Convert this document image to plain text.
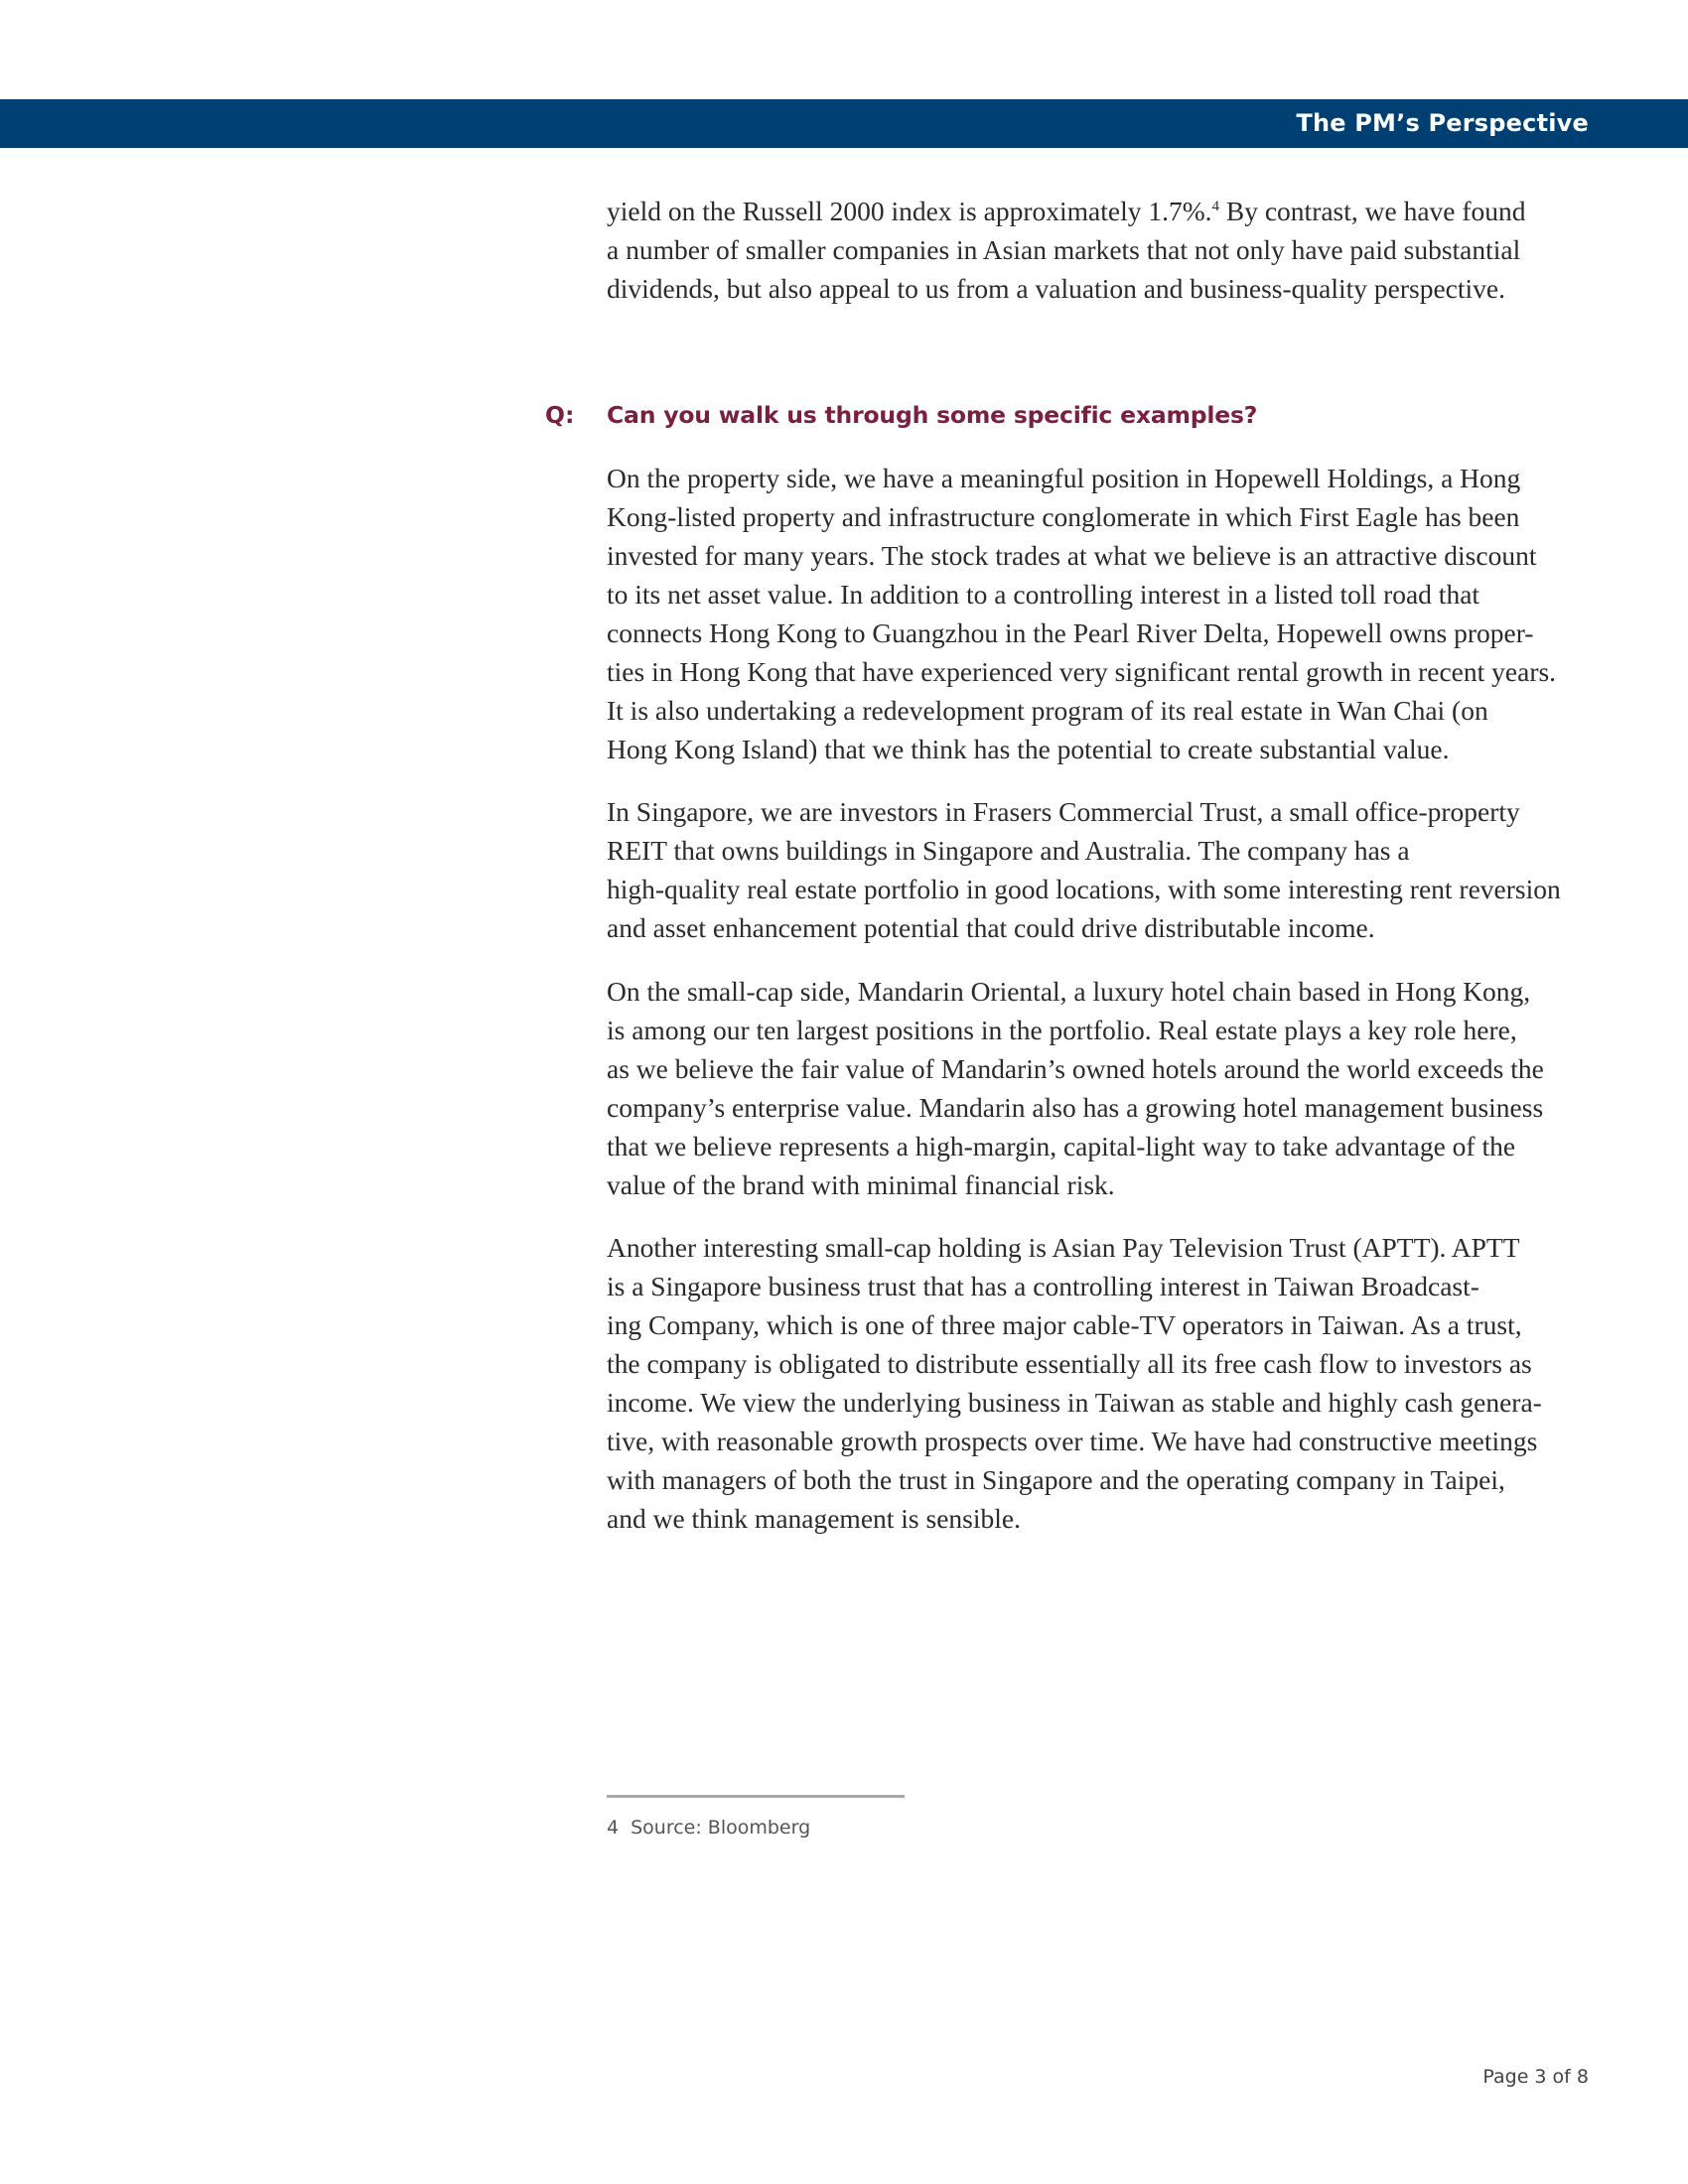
The PM’s Perspective
yield on the Russell 2000 index is approximately 1.7%.$^4$ By contrast, we have found
a number of smaller companies in Asian markets that not only have paid substantial
dividends, but also appeal to us from a valuation and business-quality perspective.
Q: Can you walk us through some specific examples?
On the property side, we have a meaningful position in Hopewell Holdings, a Hong
Kong-listed property and infrastructure conglomerate in which First Eagle has been
invested for many years. The stock trades at what we believe is an attractive discount
to its net asset value. In addition to a controlling interest in a listed toll road that
connects Hong Kong to Guangzhou in the Pearl River Delta, Hopewell owns proper-
ties in Hong Kong that have experienced very significant rental growth in recent years.
It is also undertaking a redevelopment program of its real estate in Wan Chai (on
Hong Kong Island) that we think has the potential to create substantial value.
In Singapore, we are investors in Frasers Commercial Trust, a small office-property
REIT that owns buildings in Singapore and Australia. The company has a
high-quality real estate portfolio in good locations, with some interesting rent reversion
and asset enhancement potential that could drive distributable income.
On the small-cap side, Mandarin Oriental, a luxury hotel chain based in Hong Kong,
is among our ten largest positions in the portfolio. Real estate plays a key role here,
as we believe the fair value of Mandarin’s owned hotels around the world exceeds the
company’s enterprise value. Mandarin also has a growing hotel management business
that we believe represents a high-margin, capital-light way to take advantage of the
value of the brand with minimal financial risk.
Another interesting small-cap holding is Asian Pay Television Trust (APTT). APTT
is a Singapore business trust that has a controlling interest in Taiwan Broadcast-
ing Company, which is one of three major cable-TV operators in Taiwan. As a trust,
the company is obligated to distribute essentially all its free cash flow to investors as
income. We view the underlying business in Taiwan as stable and highly cash genera-
tive, with reasonable growth prospects over time. We have had constructive meetings
with managers of both the trust in Singapore and the operating company in Taipei,
and we think management is sensible.
4 Source: Bloomberg
Page 3 of 8
